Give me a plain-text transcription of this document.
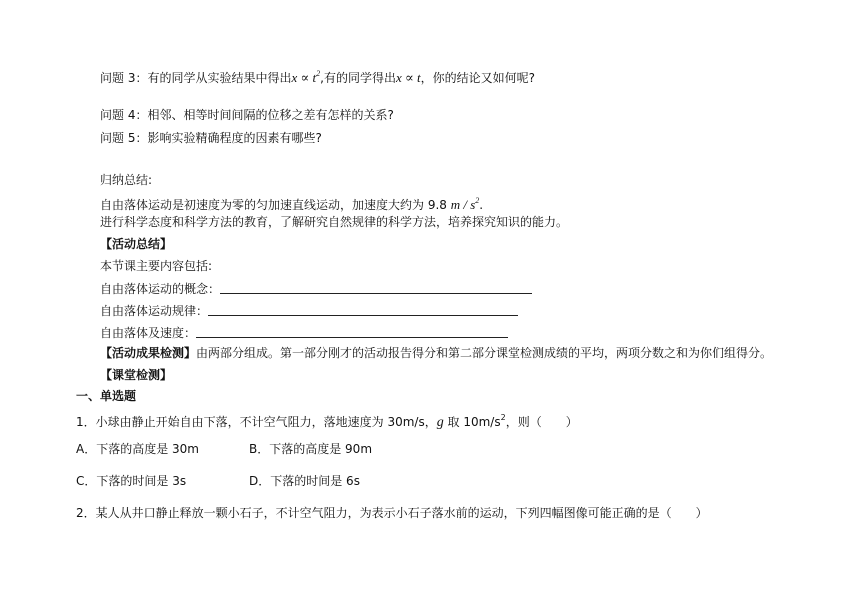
问题 3：有的同学从实验结果中得出$x \propto t^2$,有的同学得出x ∝ t，你的结论又如何呢?
问题 4：相邻、相等时间间隔的位移之差有怎样的关系?
问题 5：影响实验精确程度的因素有哪些?
归纳总结:
自由落体运动是初速度为零的匀加速直线运动，加速度大约为 9.8 m / $s^2$.
进行科学态度和科学方法的教育，了解研究自然规律的科学方法，培养探究知识的能力。
【活动总结】
本节课主要内容包括:
自由落体运动的概念：
自由落体运动规律：
自由落体及速度：
【活动成果检测】由两部分组成。第一部分刚才的活动报告得分和第二部分课堂检测成绩的平均，两项分数之和为你们组得分。
【课堂检测】
一、单选题
1．小球由静止开始自由下落，不计空气阻力，落地速度为 30m/s，g 取 $10m/s^2$，则（　　）
A．下落的高度是 30m	B．下落的高度是 90m
C．下落的时间是 3s	D．下落的时间是 6s
2．某人从井口静止释放一颗小石子，不计空气阻力，为表示小石子落水前的运动，下列四幅图像可能正确的是（　　）
